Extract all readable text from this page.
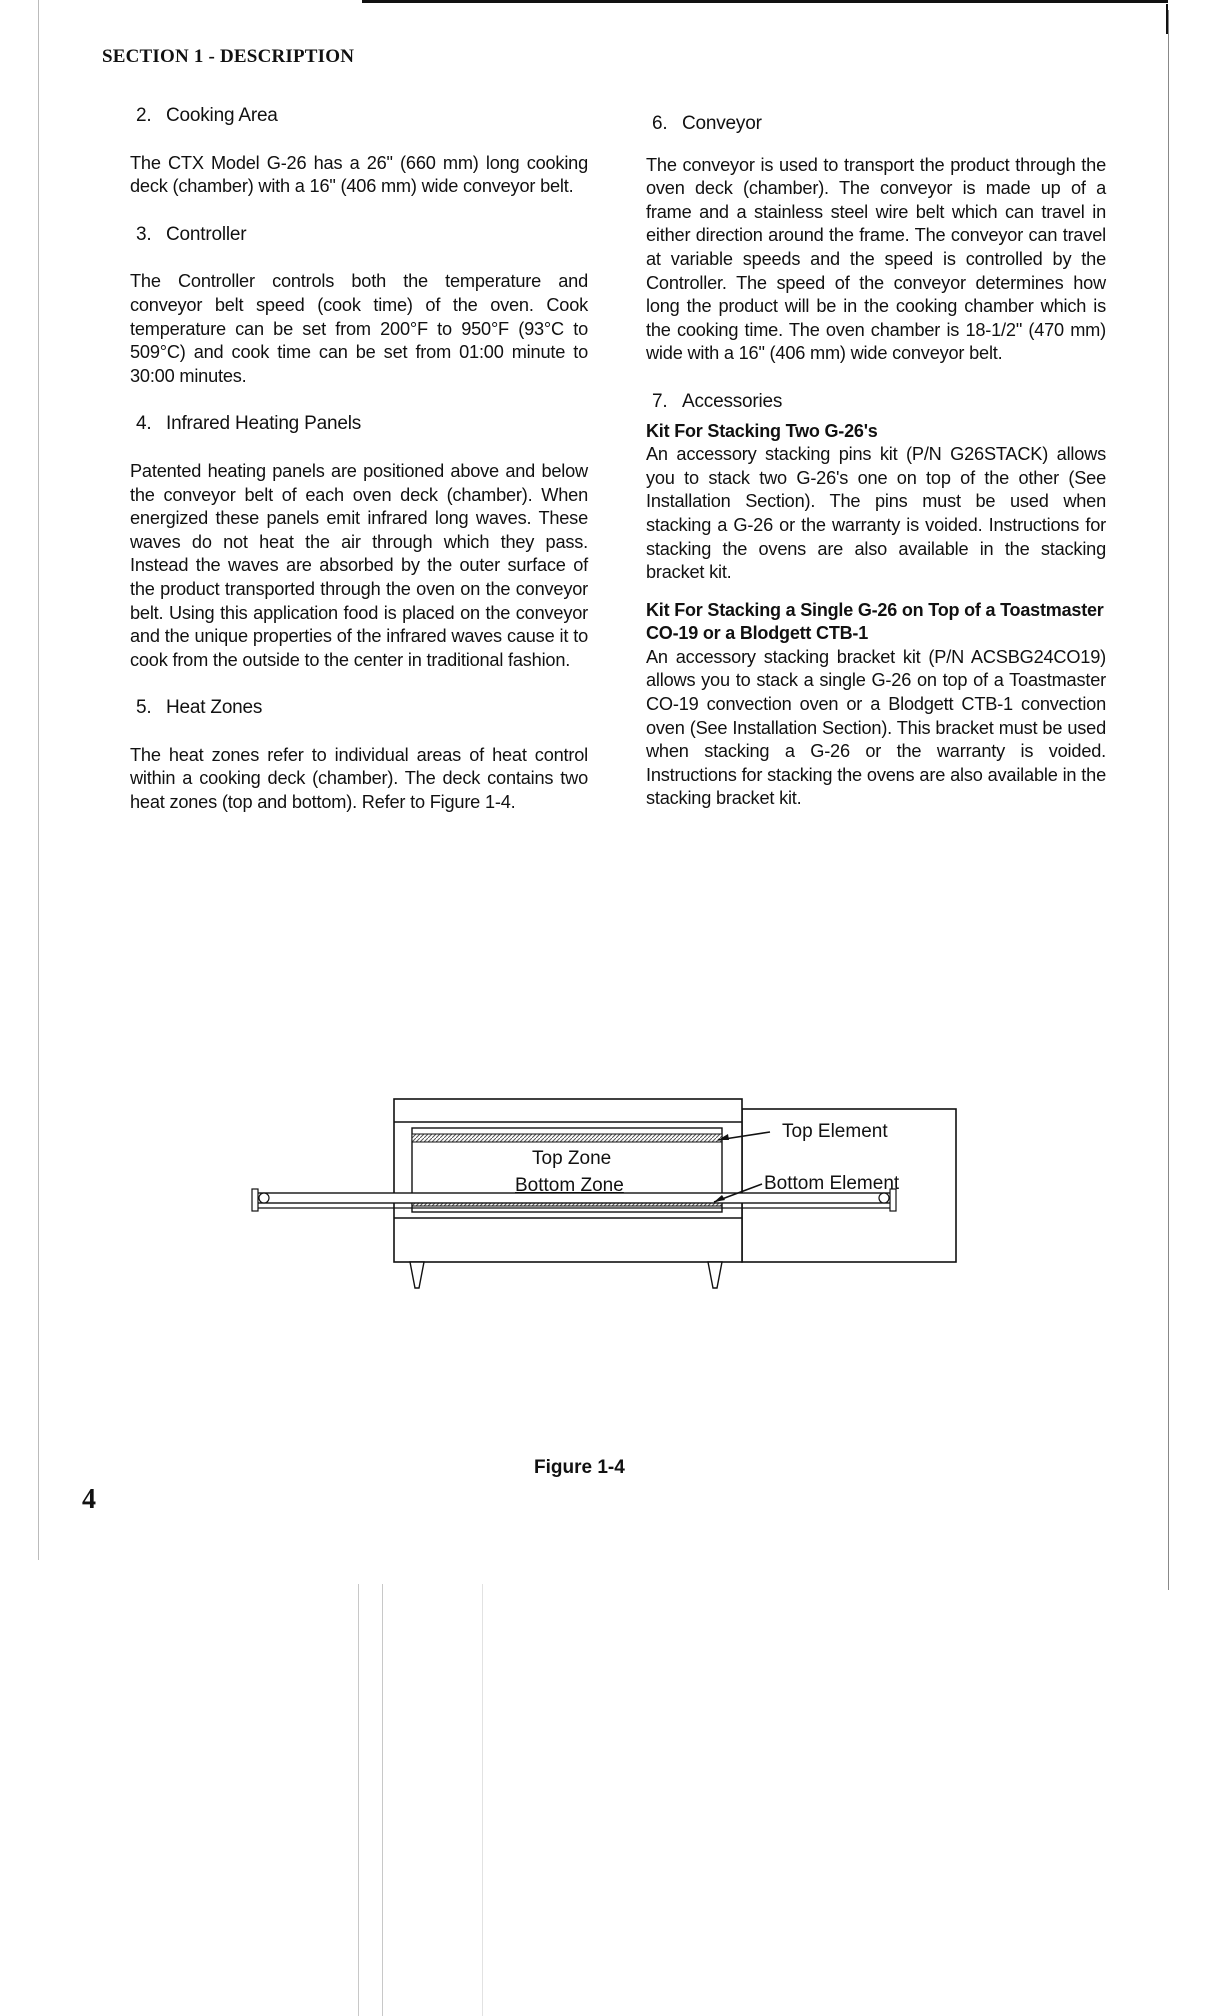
SECTION 1 - DESCRIPTION
2. Cooking Area

The CTX Model G-26 has a 26" (660 mm) long cooking deck (chamber) with a 16" (406 mm) wide conveyor belt.

3. Controller

The Controller controls both the temperature and conveyor belt speed (cook time) of the oven. Cook temperature can be set from 200°F to 950°F (93°C to 509°C) and cook time can be set from 01:00 minute to 30:00 minutes.

4. Infrared Heating Panels

Patented heating panels are positioned above and below the conveyor belt of each oven deck (chamber). When energized these panels emit infrared long waves. These waves do not heat the air through which they pass. Instead the waves are absorbed by the outer surface of the product transported through the oven on the conveyor belt. Using this application food is placed on the conveyor and the unique properties of the infrared waves cause it to cook from the outside to the center in traditional fashion.

5. Heat Zones

The heat zones refer to individual areas of heat control within a cooking deck (chamber). The deck contains two heat zones (top and bottom). Refer to Figure 1-4.

6. Conveyor

The conveyor is used to transport the product through the oven deck (chamber). The conveyor is made up of a frame and a stainless steel wire belt which can travel in either direction around the frame. The conveyor can travel at variable speeds and the speed is controlled by the Controller. The speed of the conveyor determines how long the product will be in the cooking chamber which is the cooking time. The oven chamber is 18-1/2" (470 mm) wide with a 16" (406 mm) wide conveyor belt.

7. Accessories

Kit For Stacking Two G-26's

An accessory stacking pins kit (P/N G26STACK) allows you to stack two G-26's one on top of the other (See Installation Section). The pins must be used when stacking a G-26 or the warranty is voided. Instructions for stacking the ovens are also available in the stacking bracket kit.

Kit For Stacking a Single G-26 on Top of a Toastmaster CO-19 or a Blodgett CTB-1

An accessory stacking bracket kit (P/N ACSBG24CO19) allows you to stack a single G-26 on top of a Toastmaster CO-19 convection oven or a Blodgett CTB-1 convection oven (See Installation Section). This bracket must be used when stacking a G-26 or the warranty is voided. Instructions for stacking the ovens are also available in the stacking bracket kit.

Top Element
Top Zone
Bottom Zone	Bottom Element
Figure 1-4
4
